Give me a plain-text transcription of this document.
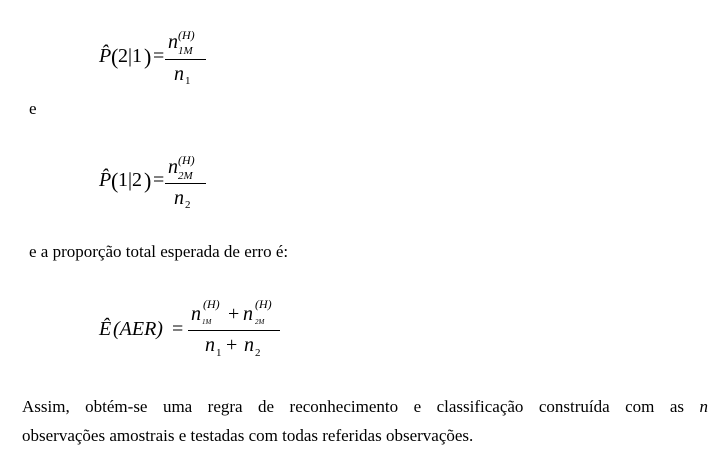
P̂ ( 2|1 ) =
n (H)
1M
n 1
e
P̂ ( 1|2 ) =
n (H)
2M
n 2
e a proporção total esperada de erro é:
Ê (AER) =
n (H)
1M + n (H)
2M
n 1 + n 2
Assim, obtém-se uma regra de reconhecimento e classificação construída com as n
observações amostrais e testadas com todas referidas observações.
